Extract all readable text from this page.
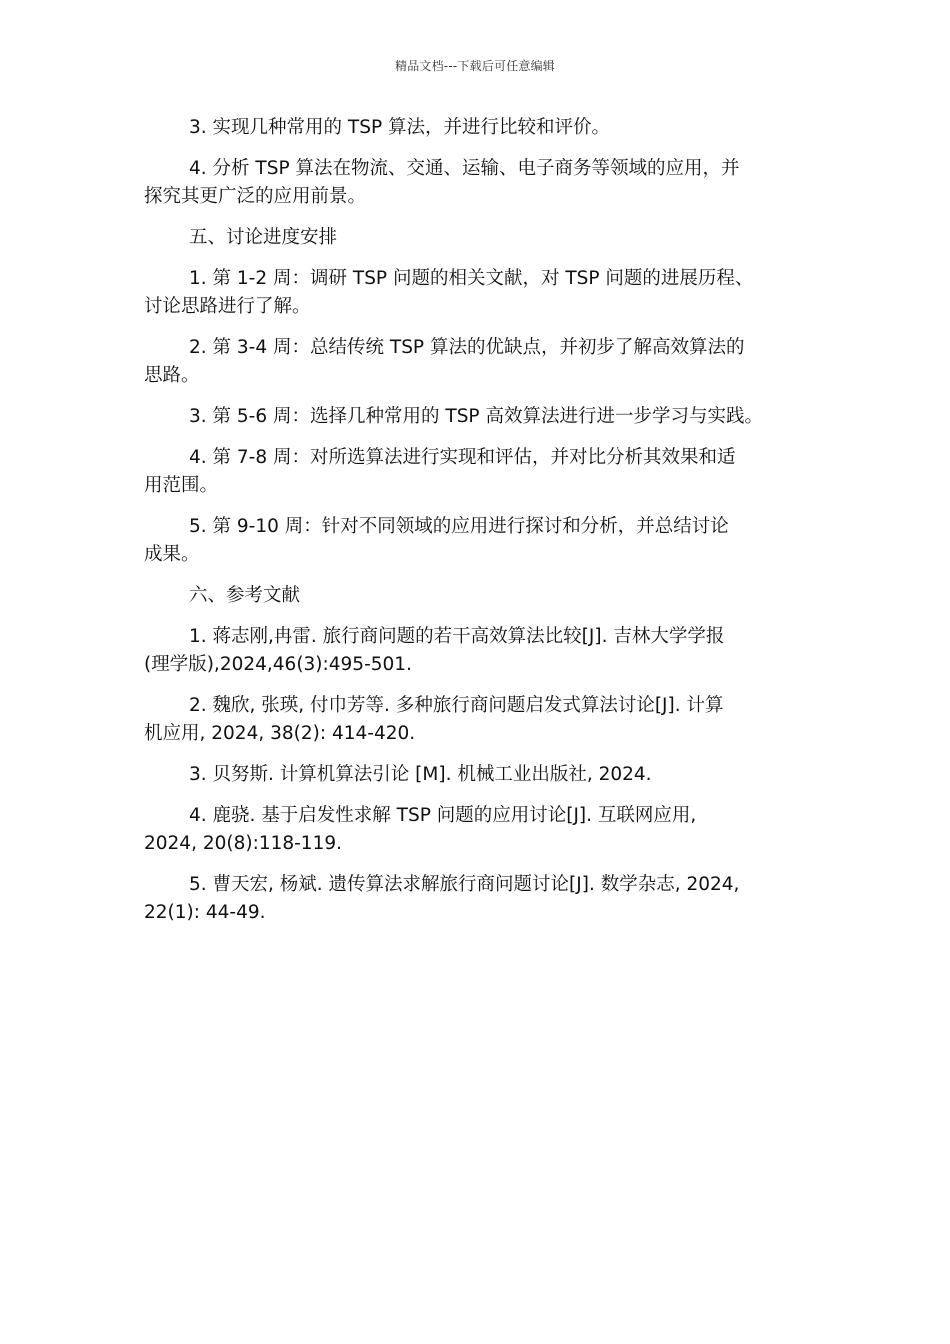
精品文档---下载后可任意编辑

3. 实现几种常用的 TSP 算法，并进行比较和评价。

4. 分析 TSP 算法在物流、交通、运输、电子商务等领域的应用，并
探究其更广泛的应用前景。

五、讨论进度安排

1. 第 1-2 周：调研 TSP 问题的相关文献，对 TSP 问题的进展历程、
讨论思路进行了解。

2. 第 3-4 周：总结传统 TSP 算法的优缺点，并初步了解高效算法的
思路。

3. 第 5-6 周：选择几种常用的 TSP 高效算法进行进一步学习与实践。

4. 第 7-8 周：对所选算法进行实现和评估，并对比分析其效果和适
用范围。

5. 第 9-10 周：针对不同领域的应用进行探讨和分析，并总结讨论
成果。

六、参考文献

1. 蒋志刚,冉雷. 旅行商问题的若干高效算法比较[J]. 吉林大学学报
(理学版),2024,46(3):495-501.

2. 魏欣, 张瑛, 付巾芳等. 多种旅行商问题启发式算法讨论[J]. 计算
机应用, 2024, 38(2): 414-420.

3. 贝努斯. 计算机算法引论 [M]. 机械工业出版社, 2024.

4. 鹿骁. 基于启发性求解 TSP 问题的应用讨论[J]. 互联网应用,
2024, 20(8):118-119.

5. 曹天宏, 杨斌. 遗传算法求解旅行商问题讨论[J]. 数学杂志, 2024,
22(1): 44-49.
